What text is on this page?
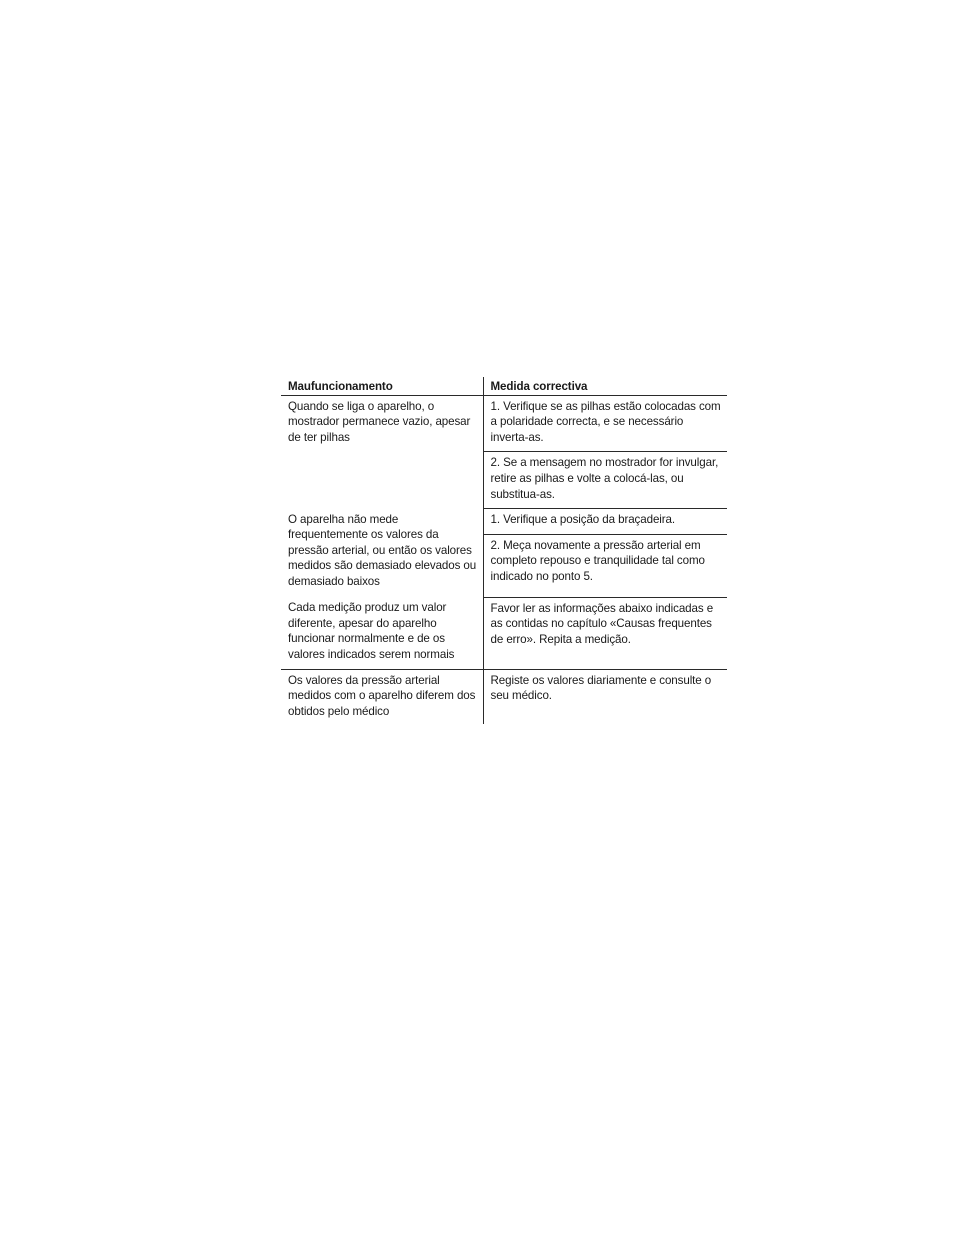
Maufuncionamento	Medida correctiva
Quando se liga o aparelho, o mostrador permanece vazio, apesar de ter pilhas	1. Verifique se as pilhas estão colocadas com a polaridade correcta, e se necessário inverta-as.
	2. Se a mensagem no mostrador for invulgar, retire as pilhas e volte a colocá-las, ou substitua-as.
O aparelha não mede frequentemente os valores da pressão arterial, ou então os valores medidos são demasiado elevados ou demasiado baixos	1. Verifique a posição da braçadeira.
	2. Meça novamente a pressão arterial em completo repouso e tranquilidade tal como indicado no ponto 5.
Cada medição produz um valor diferente, apesar do aparelho funcionar normalmente e de os valores indicados serem normais	Favor ler as informações abaixo indicadas e as contidas no capítulo «Causas frequentes de erro». Repita a medição.
Os valores da pressão arterial medidos com o aparelho diferem dos obtidos pelo médico	Registe os valores diariamente e consulte o seu médico.
